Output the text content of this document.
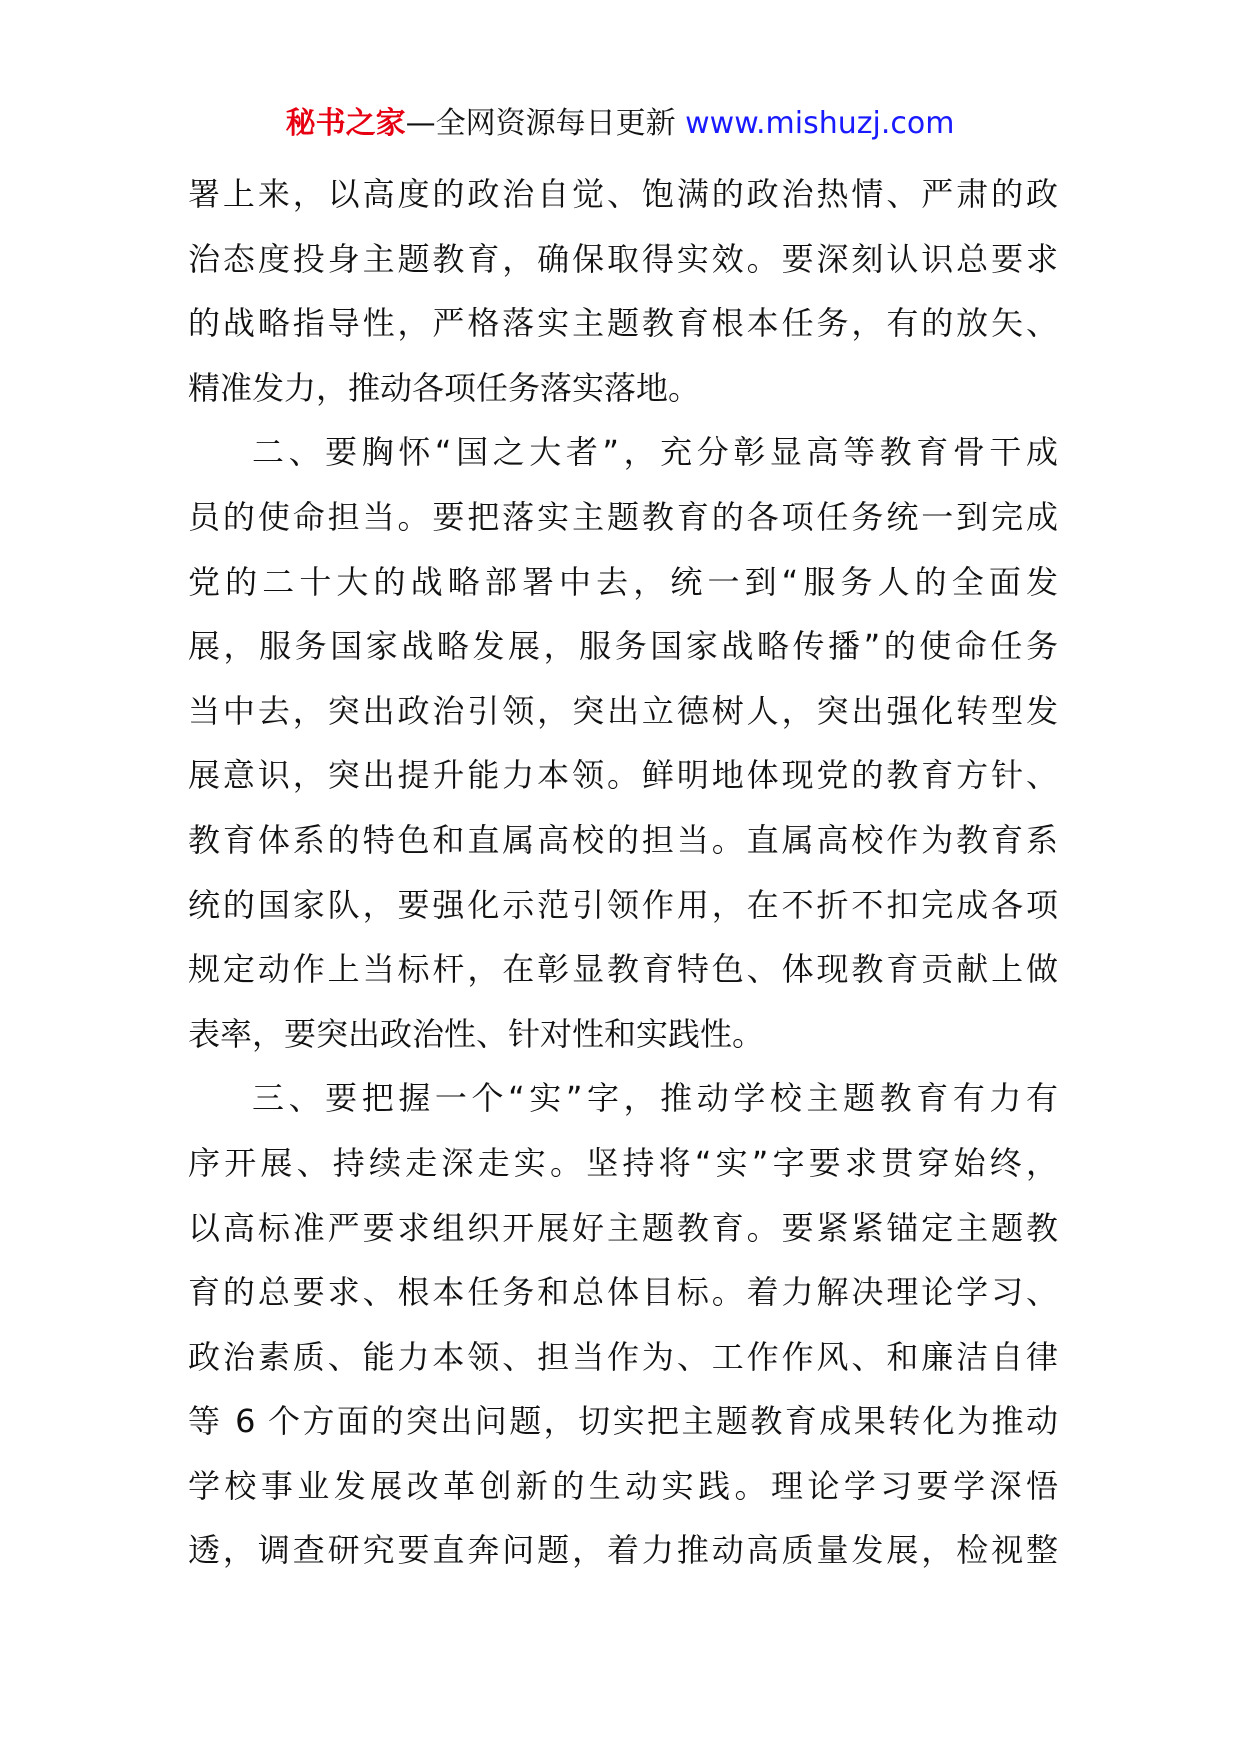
秘书之家—全网资源每日更新 www.mishuzj.com
署上来，以高度的政治自觉、饱满的政治热情、严肃的政
治态度投身主题教育，确保取得实效。要深刻认识总要求
的战略指导性，严格落实主题教育根本任务，有的放矢、
精准发力，推动各项任务落实落地。
二、要胸怀“国之大者”，充分彰显高等教育骨干成
员的使命担当。要把落实主题教育的各项任务统一到完成
党的二十大的战略部署中去，统一到“服务人的全面发
展，服务国家战略发展，服务国家战略传播”的使命任务
当中去，突出政治引领，突出立德树人，突出强化转型发
展意识，突出提升能力本领。鲜明地体现党的教育方针、
教育体系的特色和直属高校的担当。直属高校作为教育系
统的国家队，要强化示范引领作用，在不折不扣完成各项
规定动作上当标杆，在彰显教育特色、体现教育贡献上做
表率，要突出政治性、针对性和实践性。
三、要把握一个“实”字，推动学校主题教育有力有
序开展、持续走深走实。坚持将“实”字要求贯穿始终，
以高标准严要求组织开展好主题教育。要紧紧锚定主题教
育的总要求、根本任务和总体目标。着力解决理论学习、
政治素质、能力本领、担当作为、工作作风、和廉洁自律
等 6 个方面的突出问题，切实把主题教育成果转化为推动
学校事业发展改革创新的生动实践。理论学习要学深悟
透，调查研究要直奔问题，着力推动高质量发展，检视整
